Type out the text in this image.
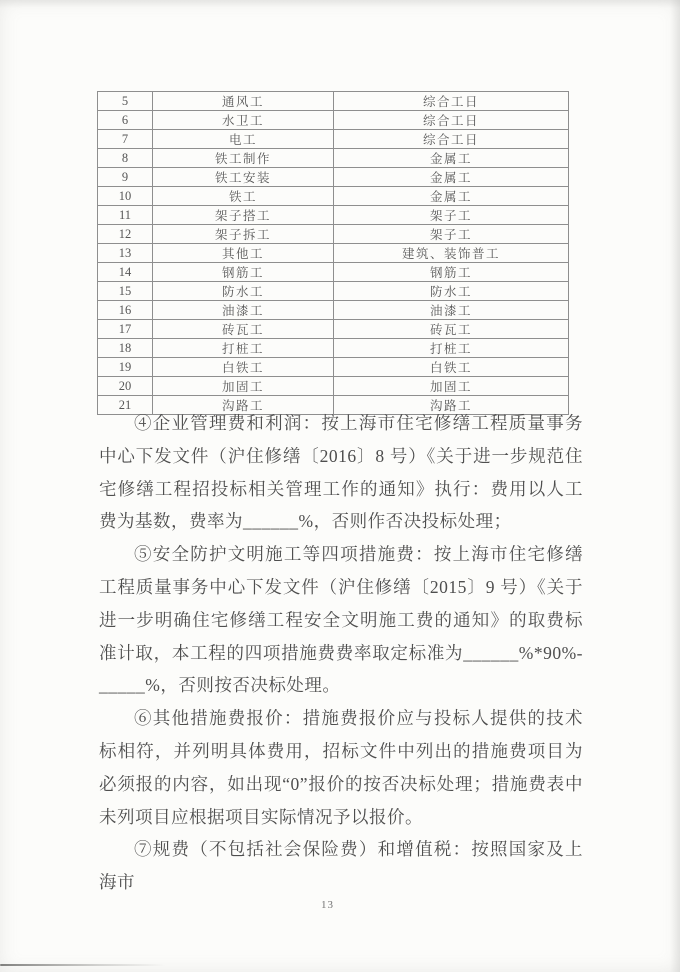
5	通风工	综合工日
6	水卫工	综合工日
7	电工	综合工日
8	铁工制作	金属工
9	铁工安装	金属工
10	铁工	金属工
11	架子搭工	架子工
12	架子拆工	架子工
13	其他工	建筑、装饰普工
14	钢筋工	钢筋工
15	防水工	防水工
16	油漆工	油漆工
17	砖瓦工	砖瓦工
18	打桩工	打桩工
19	白铁工	白铁工
20	加固工	加固工
21	沟路工	沟路工

④企业管理费和利润：按上海市住宅修缮工程质量事务中心下发文件（沪住修缮〔2016〕8 号）《关于进一步规范住宅修缮工程招投标相关管理工作的通知》执行：费用以人工费为基数，费率为______%，否则作否决投标处理；

⑤安全防护文明施工等四项措施费：按上海市住宅修缮工程质量事务中心下发文件（沪住修缮〔2015〕9 号）《关于进一步明确住宅修缮工程安全文明施工费的通知》的取费标准计取，本工程的四项措施费费率取定标准为______%*90%- _____%，否则按否决标处理。

⑥其他措施费报价：措施费报价应与投标人提供的技术标相符，并列明具体费用，招标文件中列出的措施费项目为必须报的内容，如出现“0”报价的按否决标处理；措施费表中未列项目应根据项目实际情况予以报价。

⑦规费（不包括社会保险费）和增值税：按照国家及上海市

13
